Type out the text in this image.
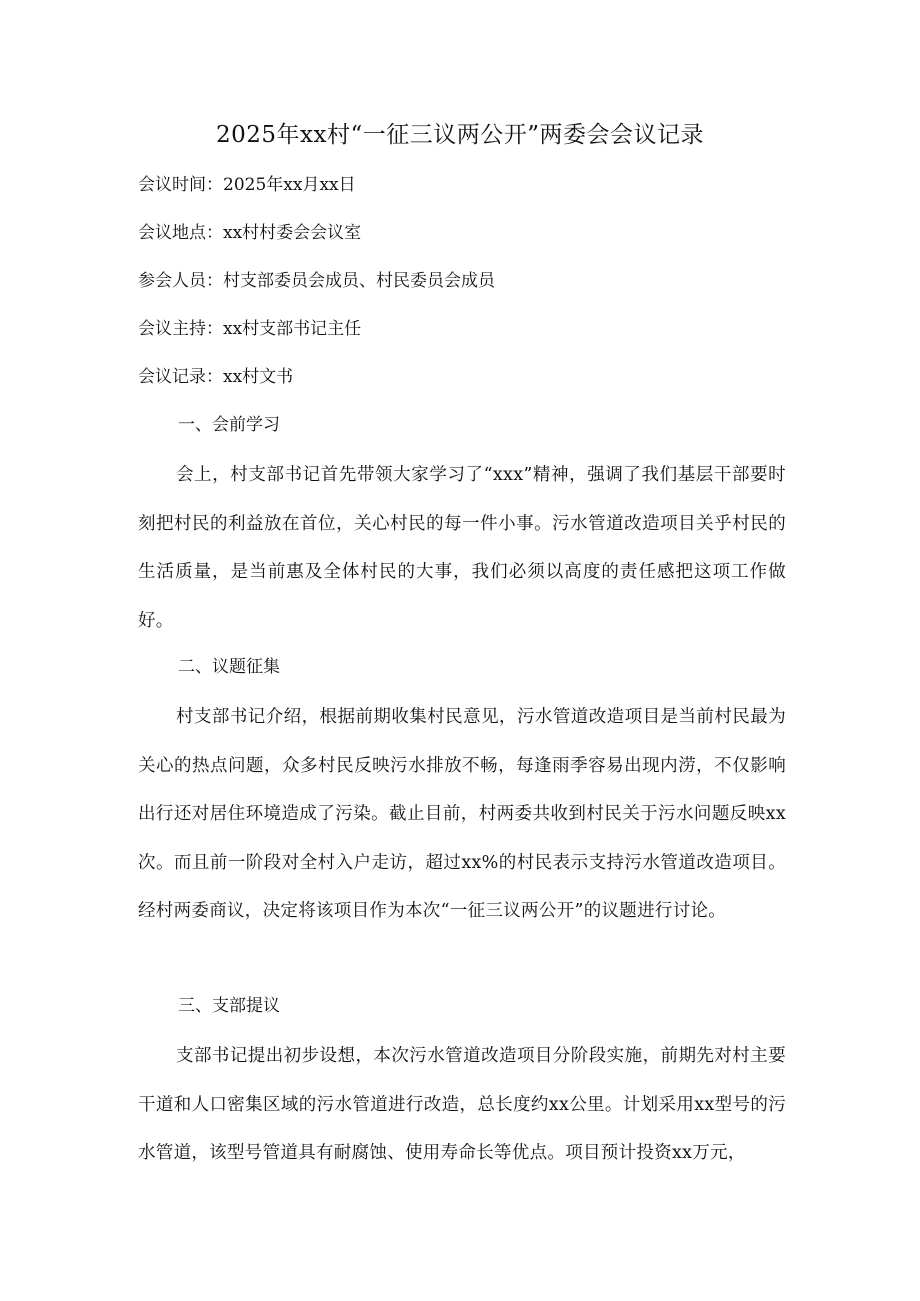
2025年xx村“一征三议两公开”两委会会议记录
会议时间：2025年xx月xx日
会议地点：xx村村委会会议室
参会人员：村支部委员会成员、村民委员会成员
会议主持：xx村支部书记主任
会议记录：xx村文书
一、会前学习
会上，村支部书记首先带领大家学习了“xxx”精神，强调了我们基层干部要时刻把村民的利益放在首位，关心村民的每一件小事。污水管道改造项目关乎村民的生活质量，是当前惠及全体村民的大事，我们必须以高度的责任感把这项工作做好。
二、议题征集
村支部书记介绍，根据前期收集村民意见，污水管道改造项目是当前村民最为关心的热点问题，众多村民反映污水排放不畅，每逢雨季容易出现内涝，不仅影响出行还对居住环境造成了污染。截止目前，村两委共收到村民关于污水问题反映xx次。而且前一阶段对全村入户走访，超过xx%的村民表示支持污水管道改造项目。经村两委商议，决定将该项目作为本次“一征三议两公开”的议题进行讨论。
三、支部提议
支部书记提出初步设想，本次污水管道改造项目分阶段实施，前期先对村主要干道和人口密集区域的污水管道进行改造，总长度约xx公里。计划采用xx型号的污水管道，该型号管道具有耐腐蚀、使用寿命长等优点。项目预计投资xx万元，
